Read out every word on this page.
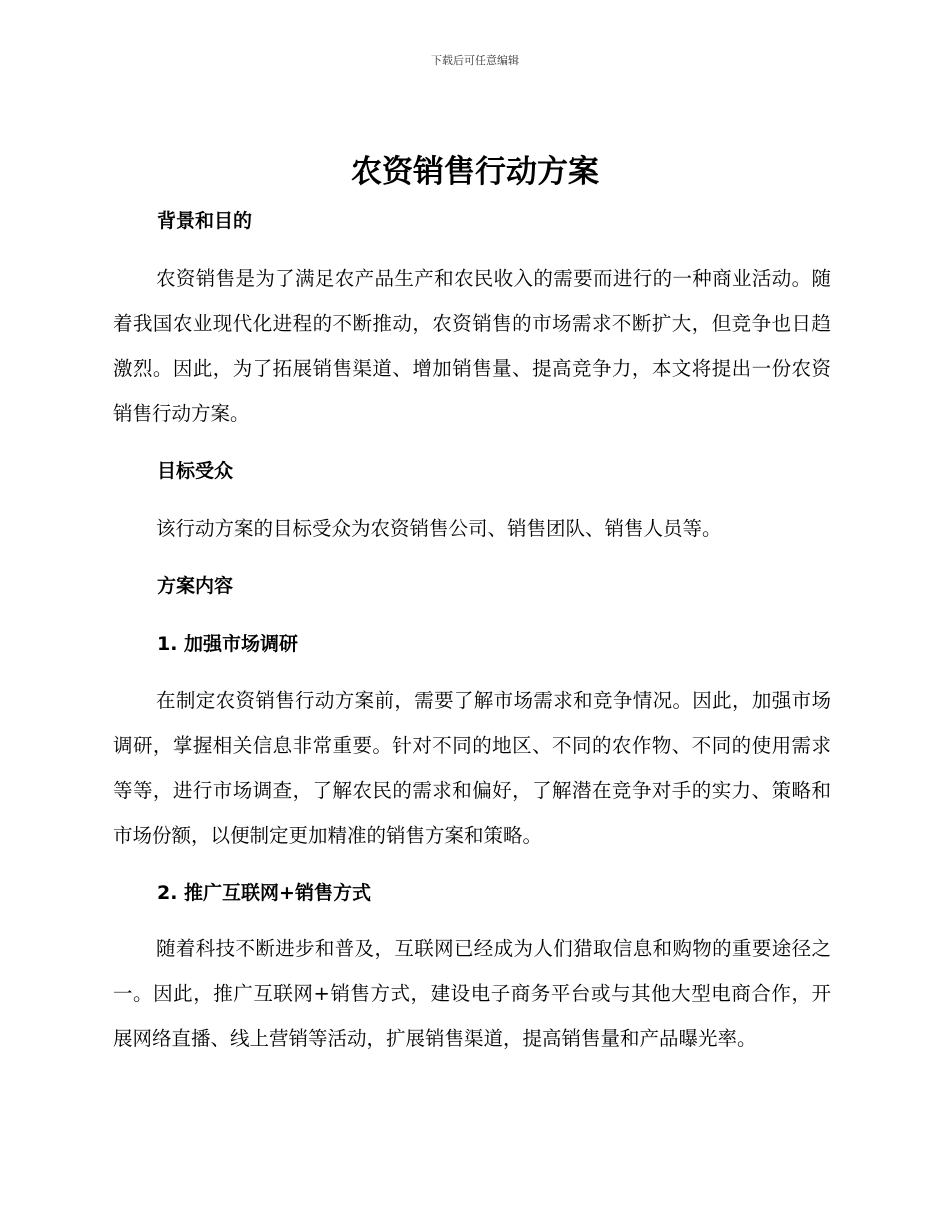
下载后可任意编辑
农资销售行动方案
背景和目的

农资销售是为了满足农产品生产和农民收入的需要而进行的一种商业活动。随着我国农业现代化进程的不断推动，农资销售的市场需求不断扩大，但竞争也日趋激烈。因此，为了拓展销售渠道、增加销售量、提高竞争力，本文将提出一份农资销售行动方案。

目标受众

该行动方案的目标受众为农资销售公司、销售团队、销售人员等。

方案内容
1. 加强市场调研

在制定农资销售行动方案前，需要了解市场需求和竞争情况。因此，加强市场调研，掌握相关信息非常重要。针对不同的地区、不同的农作物、不同的使用需求等等，进行市场调查，了解农民的需求和偏好，了解潜在竞争对手的实力、策略和市场份额，以便制定更加精准的销售方案和策略。

2. 推广互联网+销售方式

随着科技不断进步和普及，互联网已经成为人们猎取信息和购物的重要途径之一。因此，推广互联网+销售方式，建设电子商务平台或与其他大型电商合作，开展网络直播、线上营销等活动，扩展销售渠道，提高销售量和产品曝光率。
